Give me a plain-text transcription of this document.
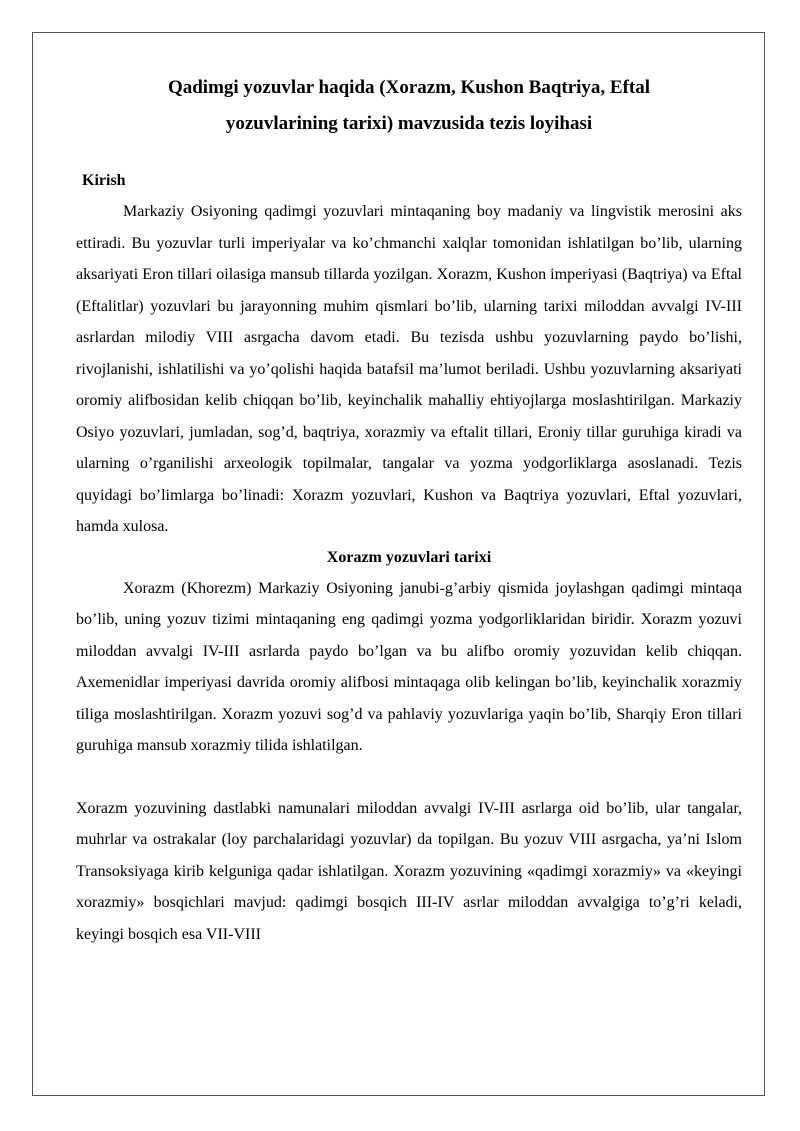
Qadimgi yozuvlar haqida (Xorazm, Kushon Baqtriya, Eftal yozuvlarining tarixi) mavzusida tezis loyihasi
Kirish

Markaziy Osiyoning qadimgi yozuvlari mintaqaning boy madaniy va lingvistik merosini aks ettiradi. Bu yozuvlar turli imperiyalar va ko’chmanchi xalqlar tomonidan ishlatilgan bo’lib, ularning aksariyati Eron tillari oilasiga mansub tillarda yozilgan. Xorazm, Kushon imperiyasi (Baqtriya) va Eftal (Eftalitlar) yozuvlari bu jarayonning muhim qismlari bo’lib, ularning tarixi miloddan avvalgi IV-III asrlardan milodiy VIII asrgacha davom etadi. Bu tezisda ushbu yozuvlarning paydo bo’lishi, rivojlanishi, ishlatilishi va yo’qolishi haqida batafsil ma’lumot beriladi. Ushbu yozuvlarning aksariyati oromiy alifbosidan kelib chiqqan bo’lib, keyinchalik mahalliy ehtiyojlarga moslashtirilgan. Markaziy Osiyo yozuvlari, jumladan, sog’d, baqtriya, xorazmiy va eftalit tillari, Eroniy tillar guruhiga kiradi va ularning o’rganilishi arxeologik topilmalar, tangalar va yozma yodgorliklarga asoslanadi. Tezis quyidagi bo’limlarga bo’linadi: Xorazm yozuvlari, Kushon va Baqtriya yozuvlari, Eftal yozuvlari, hamda xulosa.

Xorazm yozuvlari tarixi

Xorazm (Khorezm) Markaziy Osiyoning janubi-g’arbiy qismida joylashgan qadimgi mintaqa bo’lib, uning yozuv tizimi mintaqaning eng qadimgi yozma yodgorliklaridan biridir. Xorazm yozuvi miloddan avvalgi IV-III asrlarda paydo bo’lgan va bu alifbo oromiy yozuvidan kelib chiqqan. Axemenidlar imperiyasi davrida oromiy alifbosi mintaqaga olib kelingan bo’lib, keyinchalik xorazmiy tiliga moslashtirilgan. Xorazm yozuvi sog’d va pahlaviy yozuvlariga yaqin bo’lib, Sharqiy Eron tillari guruhiga mansub xorazmiy tilida ishlatilgan.

Xorazm yozuvining dastlabki namunalari miloddan avvalgi IV-III asrlarga oid bo’lib, ular tangalar, muhrlar va ostrakalar (loy parchalaridagi yozuvlar) da topilgan. Bu yozuv VIII asrgacha, ya’ni Islom Transoksiyaga kirib kelguniga qadar ishlatilgan. Xorazm yozuvining «qadimgi xorazmiy» va «keyingi xorazmiy» bosqichlari mavjud: qadimgi bosqich III-IV asrlar miloddan avvalgiga to’g’ri keladi, keyingi bosqich esa VII-VIII
